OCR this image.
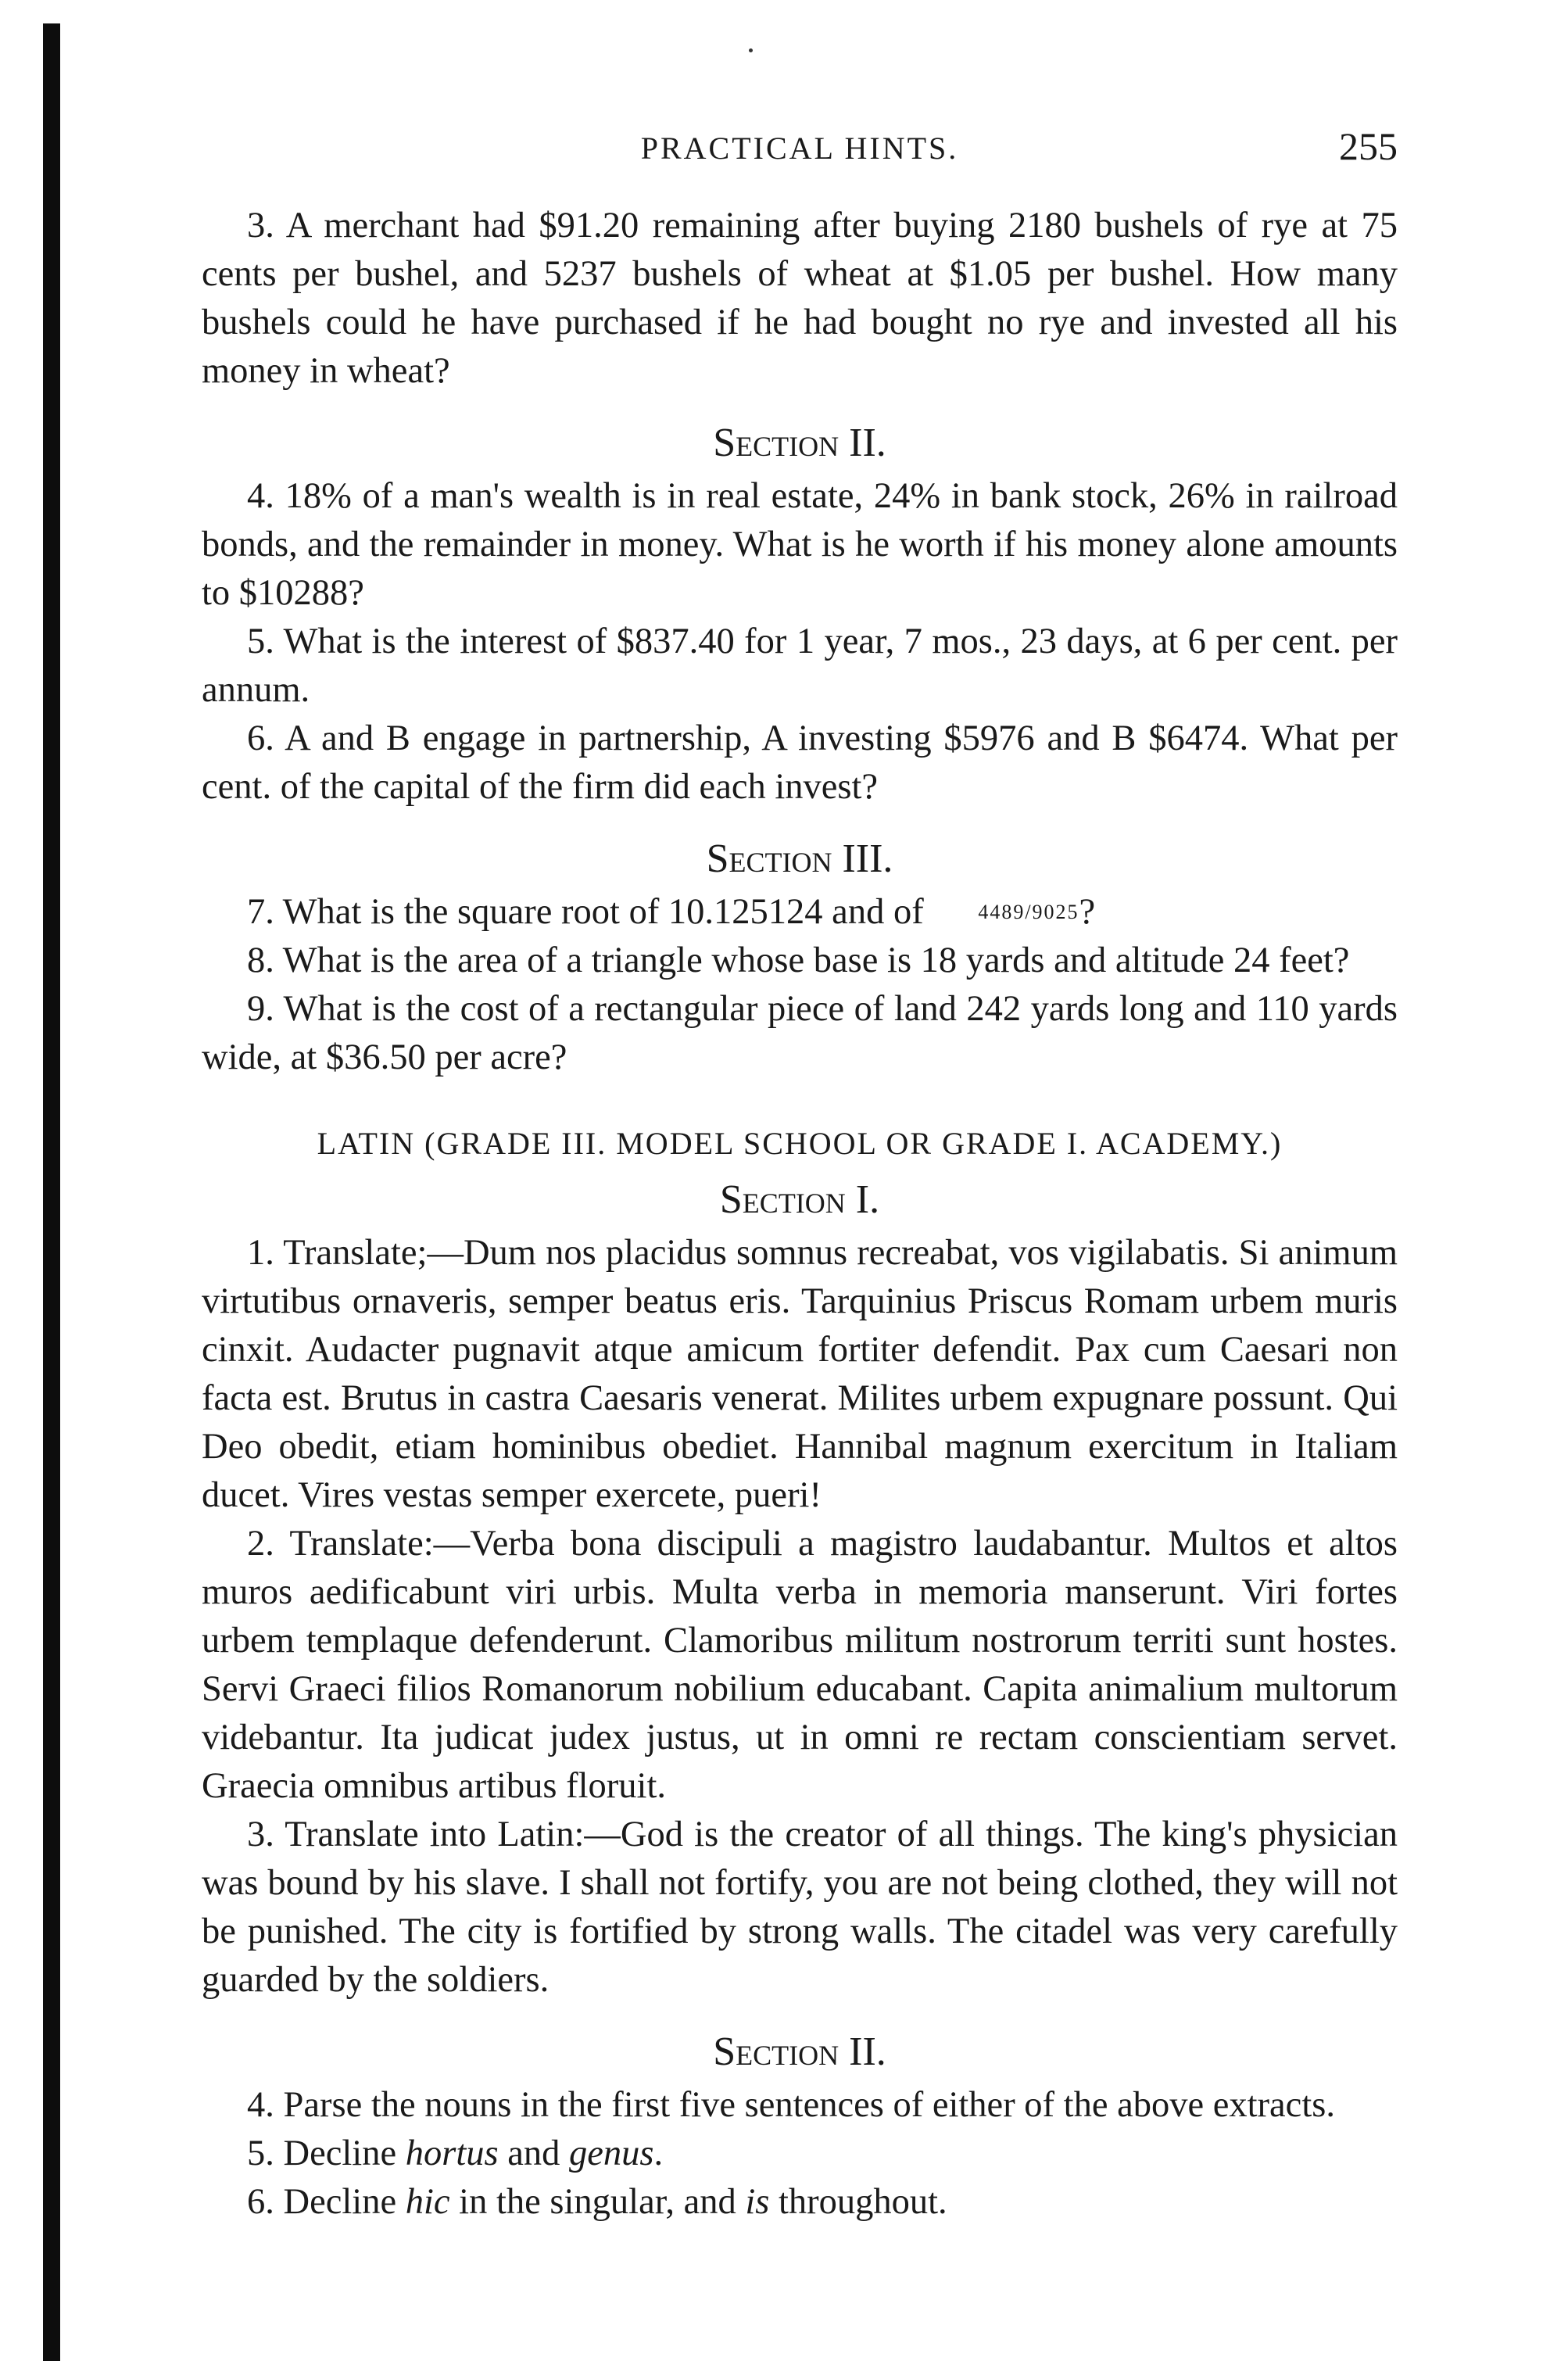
PRACTICAL HINTS.	255

3. A merchant had $91.20 remaining after buying 2180 bushels of rye at 75 cents per bushel, and 5237 bushels of wheat at $1.05 per bushel. How many bushels could he have purchased if he had bought no rye and invested all his money in wheat?

Section II.

4. 18% of a man's wealth is in real estate, 24% in bank stock, 26% in railroad bonds, and the remainder in money. What is he worth if his money alone amounts to $10288?

5. What is the interest of $837.40 for 1 year, 7 mos., 23 days, at 6 per cent. per annum.

6. A and B engage in partnership, A investing $5976 and B $6474. What per cent. of the capital of the firm did each invest?

Section III.

7. What is the square root of 10.125124 and of	4489/9025?

8. What is the area of a triangle whose base is 18 yards and altitude 24 feet?

9. What is the cost of a rectangular piece of land 242 yards long and 110 yards wide, at $36.50 per acre?

LATIN (GRADE III. MODEL SCHOOL OR GRADE I. ACADEMY.)
Section I.

1. Translate;—Dum nos placidus somnus recreabat, vos vigilabatis. Si animum virtutibus ornaveris, semper beatus eris. Tarquinius Priscus Romam urbem muris cinxit. Audacter pugnavit atque amicum fortiter defendit. Pax cum Caesari non facta est. Brutus in castra Caesaris venerat. Milites urbem expugnare possunt. Qui Deo obedit, etiam hominibus obediet. Hannibal magnum exercitum in Italiam ducet. Vires vestas semper exercete, pueri!

2. Translate:—Verba bona discipuli a magistro laudabantur. Multos et altos muros aedificabunt viri urbis. Multa verba in memoria manserunt. Viri fortes urbem templaque defenderunt. Clamoribus militum nostrorum territi sunt hostes. Servi Graeci filios Romanorum nobilium educabant. Capita animalium multorum videbantur. Ita judicat judex justus, ut in omni re rectam conscientiam servet. Graecia omnibus artibus floruit.

3. Translate into Latin:—God is the creator of all things. The king's physician was bound by his slave. I shall not fortify, you are not being clothed, they will not be punished. The city is fortified by strong walls. The citadel was very carefully guarded by the soldiers.

Section II.

4. Parse the nouns in the first five sentences of either of the above extracts.

5. Decline hortus and genus.

6. Decline hic in the singular, and is throughout.
